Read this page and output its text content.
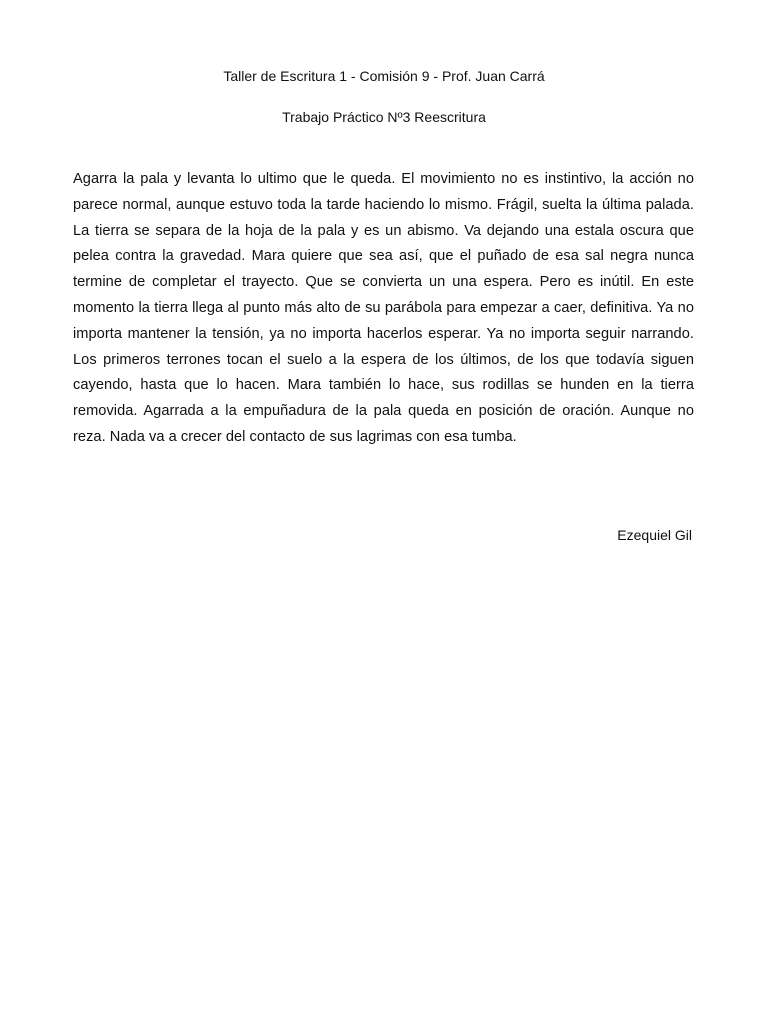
Taller de Escritura 1 - Comisión 9 - Prof. Juan Carrá
Trabajo Práctico Nº3 Reescritura

Agarra la pala y levanta lo ultimo que le queda. El movimiento no es instintivo, la acción no parece normal, aunque estuvo toda la tarde haciendo lo mismo. Frágil, suelta la última palada. La tierra se separa de la hoja de la pala y es un abismo. Va dejando una estala oscura que pelea contra la gravedad. Mara quiere que sea así, que el puñado de esa sal negra nunca termine de completar el trayecto. Que se convierta un una espera. Pero es inútil. En este momento la tierra llega al punto más alto de su parábola para empezar a caer, definitiva. Ya no importa mantener la tensión, ya no importa hacerlos esperar. Ya no importa seguir narrando. Los primeros terrones tocan el suelo a la espera de los últimos, de los que todavía siguen cayendo, hasta que lo hacen. Mara también lo hace, sus rodillas se hunden en la tierra removida. Agarrada a la empuñadura de la pala queda en posición de oración. Aunque no reza. Nada va a crecer del contacto de sus lagrimas con esa tumba.

Ezequiel Gil
